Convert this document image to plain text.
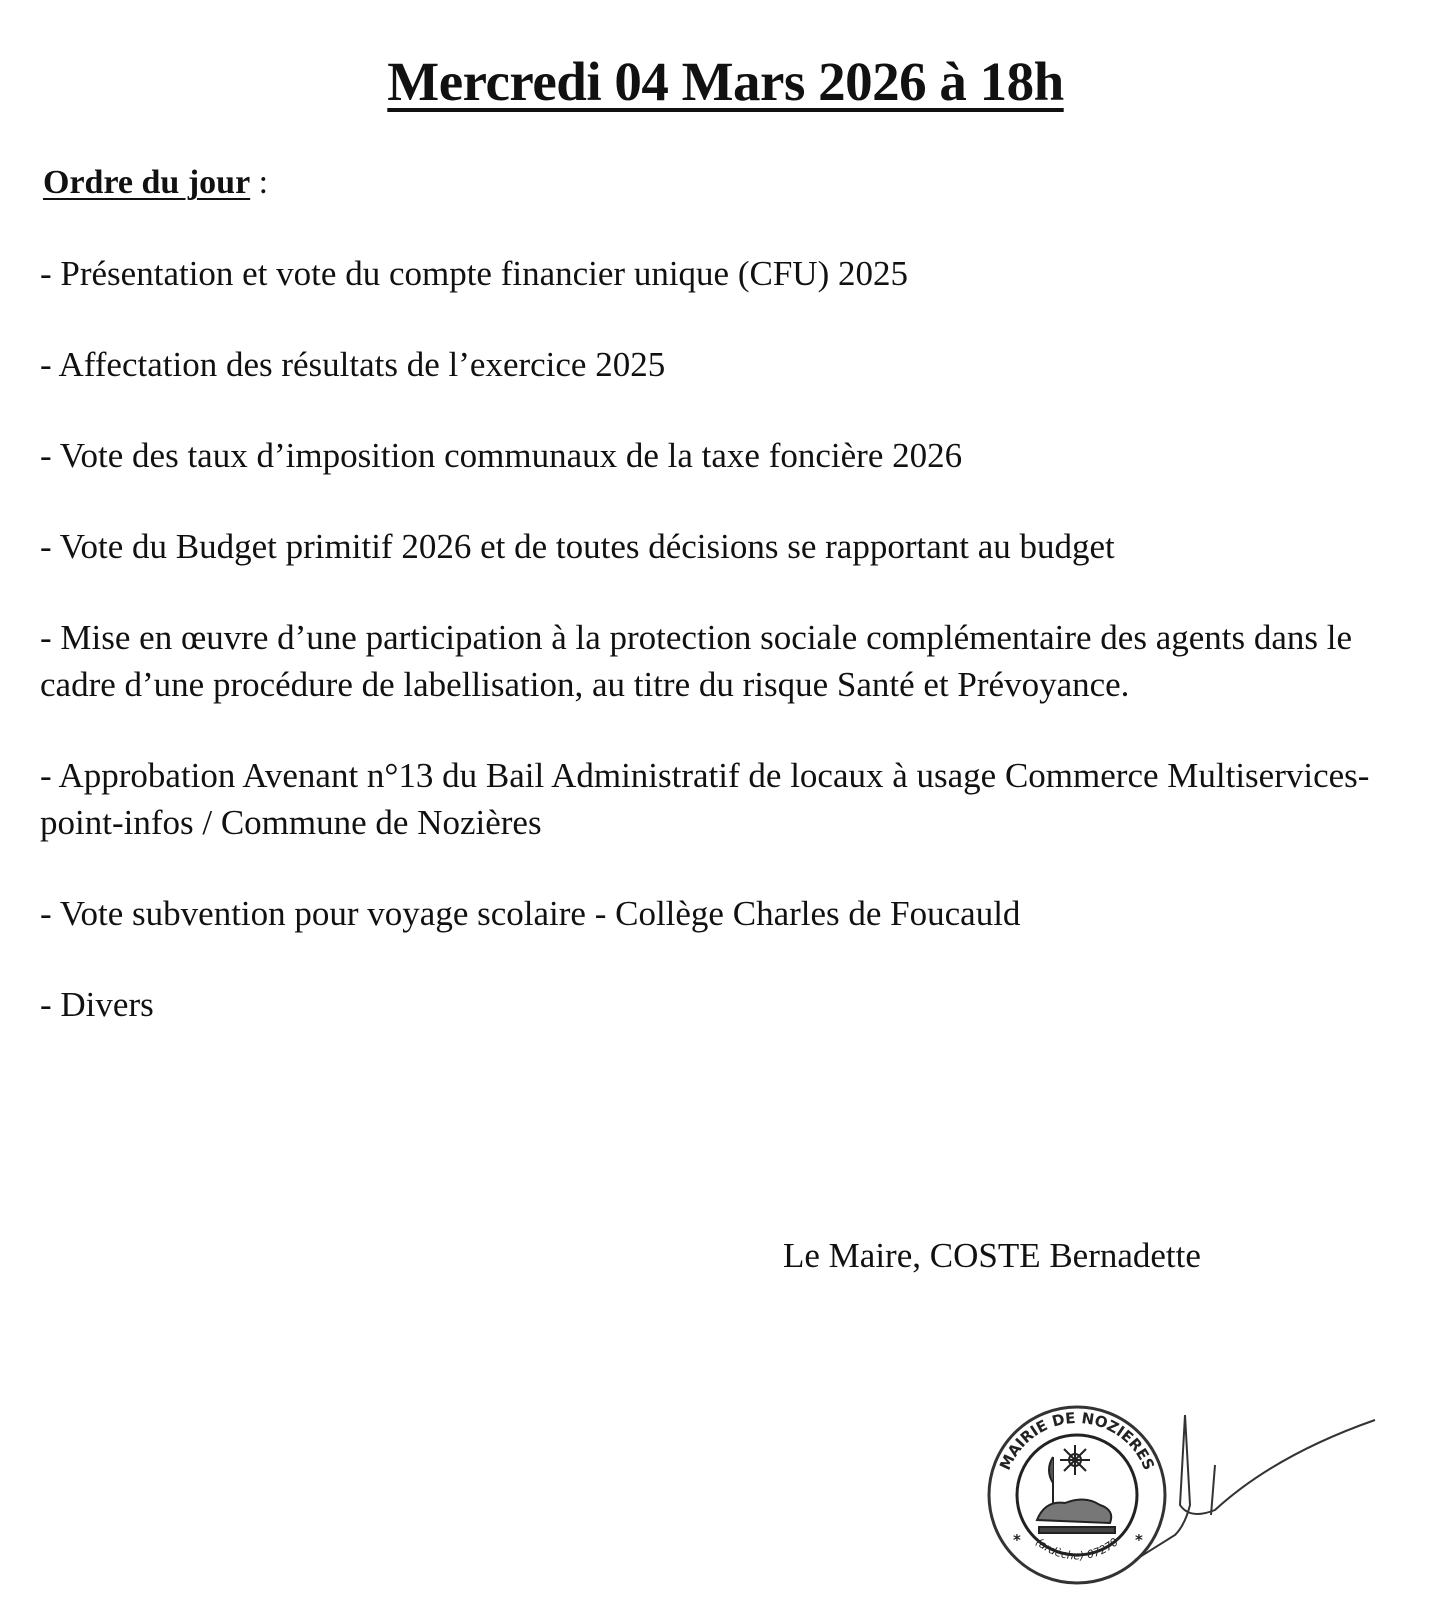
Mercredi 04 Mars 2026 à 18h
Ordre du jour :
- Présentation et vote du compte financier unique (CFU) 2025
- Affectation des résultats de l’exercice 2025
- Vote des taux d’imposition communaux de la taxe foncière 2026
- Vote du Budget primitif 2026 et de toutes décisions se rapportant au budget
- Mise en œuvre d’une participation à la protection sociale complémentaire des agents dans le cadre d’une procédure de labellisation, au titre du risque Santé et Prévoyance.
- Approbation Avenant n°13 du Bail Administratif de locaux à usage Commerce Multiservices-point-infos / Commune de Nozières
- Vote subvention pour voyage scolaire - Collège Charles de Foucauld
- Divers

Le Maire, COSTE Bernadette

MAIRIE DE NOZIERES
(ardèche) 07270
*	*
